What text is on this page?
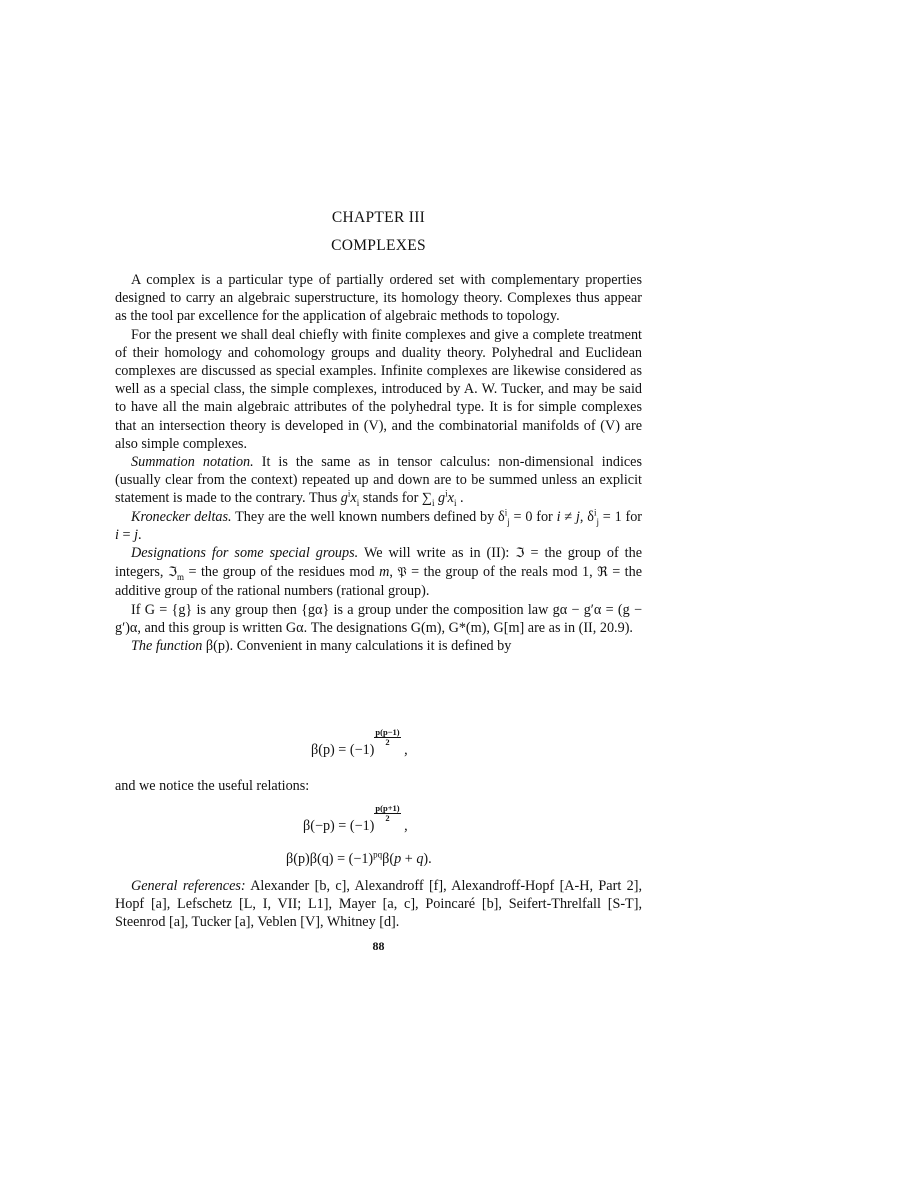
CHAPTER III
COMPLEXES

A complex is a particular type of partially ordered set with complementary properties designed to carry an algebraic superstructure, its homology theory. Complexes thus appear as the tool par excellence for the application of algebraic methods to topology.

For the present we shall deal chiefly with finite complexes and give a complete treatment of their homology and cohomology groups and duality theory. Polyhedral and Euclidean complexes are discussed as special examples. Infinite complexes are likewise considered as well as a special class, the simple complexes, introduced by A. W. Tucker, and may be said to have all the main algebraic attributes of the polyhedral type. It is for simple complexes that an intersection theory is developed in (V), and the combinatorial manifolds of (V) are also simple complexes.

Summation notation. It is the same as in tensor calculus: non-dimensional indices (usually clear from the context) repeated up and down are to be summed unless an explicit statement is made to the contrary. Thus $g^ix_i$ stands for $\sum_i$ $g^ix_i$ .

Kronecker deltas. They are the well known numbers defined by $\delta^i_j = 0$ for i ≠ j, $\delta^i_j = 1$ for i = j.

Designations for some special groups. We will write as in (II): ℑ = the group of the integers, ℑ$_m$ = the group of the residues mod m, 𝔓 = the group of the reals mod 1, ℜ = the additive group of the rational numbers (rational group).

If G = {g} is any group then {gα} is a group under the composition law gα − g′α = (g − g′)α, and this group is written Gα. The designations G(m), G*(m), G[m] are as in (II, 20.9).

The function β(p). Convenient in many calculations it is defined by

β(p) = (−1)
$\frac{p(p-1)}{2}$
,
and we notice the useful relations:
β(−p) = (−1)
$\frac{p(p+1)}{2}$
,
$\beta(p)\beta(q) = (-1)^{pq}\beta(p + q)$.

General references: Alexander [b, c], Alexandroff [f], Alexandroff-Hopf [A-H, Part 2], Hopf [a], Lefschetz [L, I, VII; L1], Mayer [a, c], Poincaré [b], Seifert-Threlfall [S-T], Steenrod [a], Tucker [a], Veblen [V], Whitney [d].

88
